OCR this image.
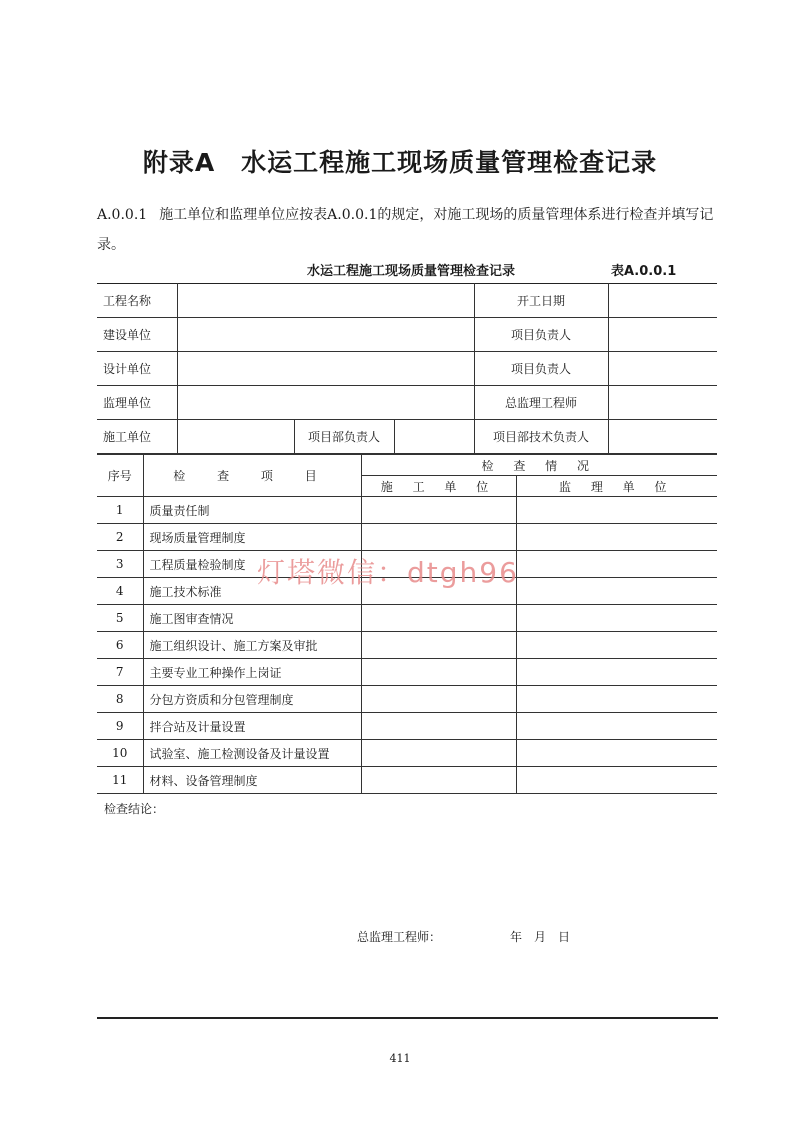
附录A　水运工程施工现场质量管理检查记录
A.0.0.1 施工单位和监理单位应按表A.0.0.1的规定，对施工现场的质量管理体系进行检查并填写记录。
水运工程施工现场质量管理检查记录	表A.0.0.1
工程名称				开工日期	
建设单位				项目负责人	
设计单位				项目负责人	
监理单位				总监理工程师	
施工单位		项目部负责人		项目部技术负责人	
序号	检 查 项 目	检 查 情 况	
		施 工 单 位	监 理 单 位
1	质量责任制		
2	现场质量管理制度		
3	工程质量检验制度		
4	施工技术标准		
5	施工图审查情况		
6	施工组织设计、施工方案及审批		
7	主要专业工种操作上岗证		
8	分包方资质和分包管理制度		
9	拌合站及计量设置		
10	试验室、施工检测设备及计量设置		
11	材料、设备管理制度		
检查结论：
总监理工程师：	年　月　日
灯塔微信：dtgh96
411
